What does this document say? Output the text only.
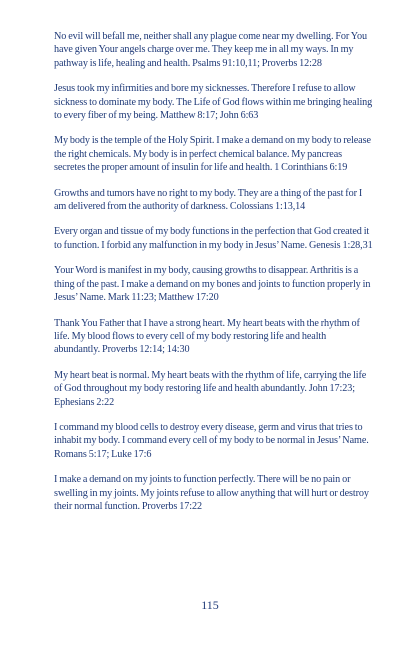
No evil will befall me, neither shall any plague come near my dwelling. For You have given Your angels charge over me. They keep me in all my ways. In my pathway is life, healing and health. Psalms 91:10,11; Proverbs 12:28

Jesus took my infirmities and bore my sicknesses. Therefore I refuse to allow sickness to dominate my body. The Life of God flows within me bringing healing to every fiber of my being. Matthew 8:17; John 6:63

My body is the temple of the Holy Spirit. I make a demand on my body to release the right chemicals. My body is in perfect chemical balance. My pancreas secretes the proper amount of insulin for life and health. 1 Corinthians 6:19

Growths and tumors have no right to my body. They are a thing of the past for I am delivered from the authority of darkness. Colossians 1:13,14

Every organ and tissue of my body functions in the perfection that God created it to function. I forbid any malfunction in my body in Jesus’ Name. Genesis 1:28,31

Your Word is manifest in my body, causing growths to disappear. Arthritis is a thing of the past. I make a demand on my bones and joints to function properly in Jesus’ Name. Mark 11:23; Matthew 17:20

Thank You Father that I have a strong heart. My heart beats with the rhythm of life. My blood flows to every cell of my body restoring life and health abundantly. Proverbs 12:14; 14:30

My heart beat is normal. My heart beats with the rhythm of life, carrying the life of God throughout my body restoring life and health abundantly. John 17:23; Ephesians 2:22

I command my blood cells to destroy every disease, germ and virus that tries to inhabit my body. I command every cell of my body to be normal in Jesus’ Name. Romans 5:17; Luke 17:6

I make a demand on my joints to function perfectly. There will be no pain or swelling in my joints. My joints refuse to allow anything that will hurt or destroy their normal function. Proverbs 17:22

115
